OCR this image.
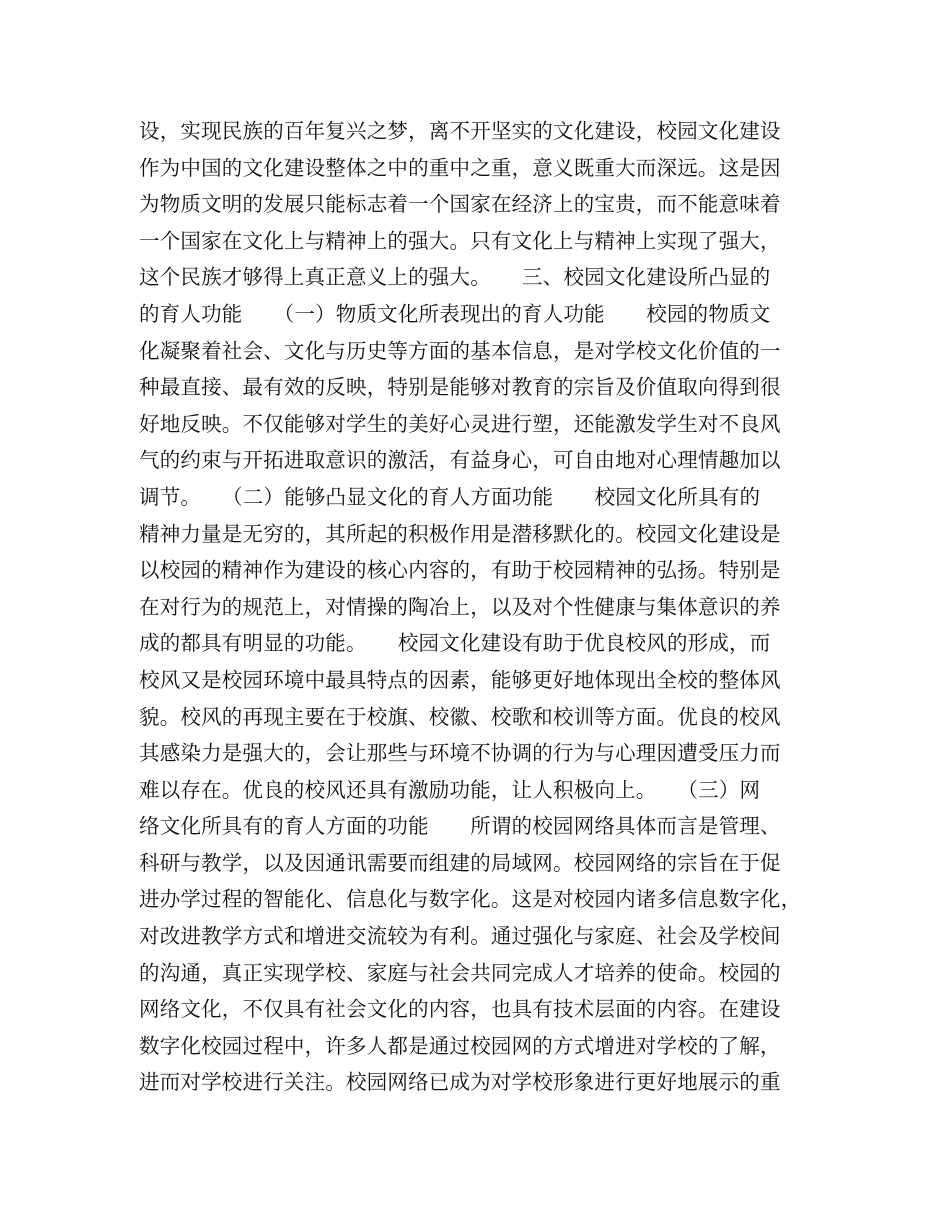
设，实现民族的百年复兴之梦，离不开坚实的文化建设，校园文化建设
作为中国的文化建设整体之中的重中之重，意义既重大而深远。这是因
为物质文明的发展只能标志着一个国家在经济上的宝贵，而不能意味着
一个国家在文化上与精神上的强大。只有文化上与精神上实现了强大，
这个民族才够得上真正意义上的强大。　　三、校园文化建设所凸显的
的育人功能　　（一）物质文化所表现出的育人功能　　校园的物质文
化凝聚着社会、文化与历史等方面的基本信息，是对学校文化价值的一
种最直接、最有效的反映，特别是能够对教育的宗旨及价值取向得到很
好地反映。不仅能够对学生的美好心灵进行塑，还能激发学生对不良风
气的约束与开拓进取意识的激活，有益身心，可自由地对心理情趣加以
调节。　　（二）能够凸显文化的育人方面功能　　校园文化所具有的
精神力量是无穷的，其所起的积极作用是潜移默化的。校园文化建设是
以校园的精神作为建设的核心内容的，有助于校园精神的弘扬。特别是
在对行为的规范上，对情操的陶冶上，以及对个性健康与集体意识的养
成的都具有明显的功能。　　校园文化建设有助于优良校风的形成，而
校风又是校园环境中最具特点的因素，能够更好地体现出全校的整体风
貌。校风的再现主要在于校旗、校徽、校歌和校训等方面。优良的校风
其感染力是强大的，会让那些与环境不协调的行为与心理因遭受压力而
难以存在。优良的校风还具有激励功能，让人积极向上。　　（三）网
络文化所具有的育人方面的功能　　所谓的校园网络具体而言是管理、
科研与教学，以及因通讯需要而组建的局域网。校园网络的宗旨在于促
进办学过程的智能化、信息化与数字化。这是对校园内诸多信息数字化，
对改进教学方式和增进交流较为有利。通过强化与家庭、社会及学校间
的沟通，真正实现学校、家庭与社会共同完成人才培养的使命。校园的
网络文化，不仅具有社会文化的内容，也具有技术层面的内容。在建设
数字化校园过程中，许多人都是通过校园网的方式增进对学校的了解，
进而对学校进行关注。校园网络已成为对学校形象进行更好地展示的重
